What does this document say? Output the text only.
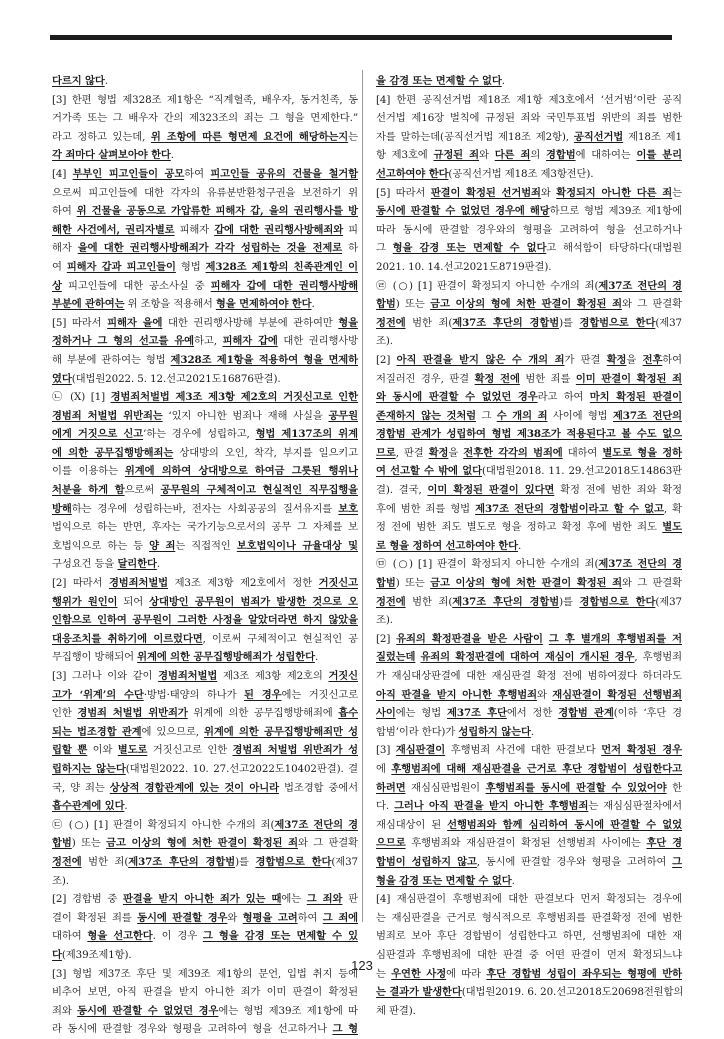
다르지 않다.
[3] 한편 형법 제328조 제1항은 “직계혈족, 배우자, 동거친족, 동
거가족 또는 그 배우자 간의 제323조의 죄는 그 형을 면제한다.”
라고 정하고 있는데, 위 조항에 따른 형면제 요건에 해당하는지는
각 죄마다 살펴보아야 한다.
[4] 부부인 피고인들이 공모하여 피고인들 공유의 건물을 철거함
으로써 피고인들에 대한 각자의 유류분반환청구권을 보전하기 위
하여 위 건물을 공동으로 가압류한 피해자 갑, 을의 권리행사를 방
해한 사건에서, 권리자별로 피해자 갑에 대한 권리행사방해죄와 피
해자 을에 대한 권리행사방해죄가 각각 성립하는 것을 전제로 하
여 피해자 갑과 피고인들이 형법 제328조 제1항의 친족관계인 이
상 피고인들에 대한 공소사실 중 피해자 갑에 대한 권리행사방해
부분에 관하여는 위 조항을 적용해서 형을 면제하여야 한다.
[5] 따라서 피해자 을에 대한 권리행사방해 부분에 관하여만 형을
정하거나 그 형의 선고를 유예하고, 피해자 갑에 대한 권리행사방
해 부분에 관하여는 형법 제328조 제1항을 적용하여 형을 면제하
였다(대법원2022. 5. 12.선고2021도16876판결).
㉡ (X) [1] 경범죄처벌법 제3조 제3항 제2호의 거짓신고로 인한
경범죄 처벌법 위반죄는 ‘있지 아니한 범죄나 재해 사실을 공무원
에게 거짓으로 신고’하는 경우에 성립하고, 형법 제137조의 위계
에 의한 공무집행방해죄는 상대방의 오인, 착각, 부지를 일으키고
이를 이용하는 위계에 의하여 상대방으로 하여금 그릇된 행위나
처분을 하게 함으로써 공무원의 구체적이고 현실적인 직무집행을
방해하는 경우에 성립하는바, 전자는 사회공공의 질서유지를 보호
법익으로 하는 반면, 후자는 국가기능으로서의 공무 그 자체를 보
호법익으로 하는 등 양 죄는 직접적인 보호법익이나 규율대상 및
구성요건 등을 달리한다.
[2] 따라서 경범죄처벌법 제3조 제3항 제2호에서 정한 거짓신고
행위가 원인이 되어 상대방인 공무원이 범죄가 발생한 것으로 오
인함으로 인하여 공무원이 그러한 사정을 알았더라면 하지 않았을
대응조치를 취하기에 이르렀다면, 이로써 구체적이고 현실적인 공
무집행이 방해되어 위계에 의한 공무집행방해죄가 성립한다.
[3] 그러나 이와 같이 경범죄처벌법 제3조 제3항 제2호의 거짓신
고가 ‘위계’의 수단·방법·태양의 하나가 된 경우에는 거짓신고로
인한 경범죄 처벌법 위반죄가 위계에 의한 공무집행방해죄에 흡수
되는 법조경합 관계에 있으므로, 위계에 의한 공무집행방해죄만 성
립할 뿐 이와 별도로 거짓신고로 인한 경범죄 처벌법 위반죄가 성
립하지는 않는다(대법원2022. 10. 27.선고2022도10402판결). 결
국, 양 죄는 상상적 경합관계에 있는 것이 아니라 법조경합 중에서
흡수관계에 있다.
㉢ (○) [1] 판결이 확정되지 아니한 수개의 죄(제37조 전단의 경
합범) 또는 금고 이상의 형에 처한 판결이 확정된 죄와 그 판결확
정전에 범한 죄(제37조 후단의 경합범)를 경합범으로 한다(제37
조).
[2] 경합범 중 판결을 받지 아니한 죄가 있는 때에는 그 죄와 판
결이 확정된 죄를 동시에 판결할 경우와 형평을 고려하여 그 죄에
대하여 형을 선고한다. 이 경우 그 형을 감경 또는 면제할 수 있
다(제39조제1항).
[3] 형법 제37조 후단 및 제39조 제1항의 문언, 입법 취지 등에
비추어 보면, 아직 판결을 받지 아니한 죄가 이미 판결이 확정된
죄와 동시에 판결할 수 없었던 경우에는 형법 제39조 제1항에 따
라 동시에 판결할 경우와 형평을 고려하여 형을 선고하거나 그 형
을 감경 또는 면제할 수 없다.
[4] 한편 공직선거법 제18조 제1항 제3호에서 ‘선거범’이란 공직
선거법 제16장 벌칙에 규정된 죄와 국민투표법 위반의 죄를 범한
자를 말하는데(공직선거법 제18조 제2항), 공직선거법 제18조 제1
항 제3호에 규정된 죄와 다른 죄의 경합범에 대하여는 이를 분리
선고하여야 한다(공직선거법 제18조 제3항전단).
[5] 따라서 판결이 확정된 선거범죄와 확정되지 아니한 다른 죄는
동시에 판결할 수 없었던 경우에 해당하므로 형법 제39조 제1항에
따라 동시에 판결할 경우와의 형평을 고려하여 형을 선고하거나
그 형을 감경 또는 면제할 수 없다고 해석함이 타당하다(대법원
2021. 10. 14.선고2021도8719판결).
㉣ (○) [1] 판결이 확정되지 아니한 수개의 죄(제37조 전단의 경
합범) 또는 금고 이상의 형에 처한 판결이 확정된 죄와 그 판결확
정전에 범한 죄(제37조 후단의 경합범)를 경합범으로 한다(제37
조).
[2] 아직 판결을 받지 않은 수 개의 죄가 판결 확정을 전후하여
저질러진 경우, 판결 확정 전에 범한 죄를 이미 판결이 확정된 죄
와 동시에 판결할 수 없었던 경우라고 하여 마치 확정된 판결이
존재하지 않는 것처럼 그 수 개의 죄 사이에 형법 제37조 전단의
경합범 관계가 성립하여 형법 제38조가 적용된다고 볼 수도 없으
므로, 판결 확정을 전후한 각각의 범죄에 대하여 별도로 형을 정하
여 선고할 수 밖에 없다(대법원2018. 11. 29.선고2018도14863판
결). 결국, 이미 확정된 판결이 있다면 확정 전에 범한 죄와 확정
후에 범한 죄를 형법 제37조 전단의 경합범이라고 할 수 없고, 확
정 전에 범한 죄도 별도로 형을 정하고 확정 후에 범한 죄도 별도
로 형을 정하여 선고하여야 한다.
㉤ (○) [1] 판결이 확정되지 아니한 수개의 죄(제37조 전단의 경
합범) 또는 금고 이상의 형에 처한 판결이 확정된 죄와 그 판결확
정전에 범한 죄(제37조 후단의 경합범)를 경합범으로 한다(제37
조).
[2] 유죄의 확정판결을 받은 사람이 그 후 별개의 후행범죄를 저
질렀는데 유죄의 확정판결에 대하여 재심이 개시된 경우, 후행범죄
가 재심대상판결에 대한 재심판결 확정 전에 범하여졌다 하더라도
아직 판결을 받지 아니한 후행범죄와 재심판결이 확정된 선행범죄
사이에는 형법 제37조 후단에서 정한 경합범 관계(이하 ‘후단 경
합범’이라 한다)가 성립하지 않는다.
[3] 재심판결이 후행범죄 사건에 대한 판결보다 먼저 확정된 경우
에 후행범죄에 대해 재심판결을 근거로 후단 경합범이 성립한다고
하려면 재심심판법원이 후행범죄를 동시에 판결할 수 있었어야 한
다. 그러나 아직 판결을 받지 아니한 후행범죄는 재심심판절차에서
재심대상이 된 선행범죄와 함께 심리하여 동시에 판결할 수 없었
으므로 후행범죄와 재심판결이 확정된 선행범죄 사이에는 후단 경
합범이 성립하지 않고, 동시에 판결할 경우와 형평을 고려하여 그
형을 감경 또는 면제할 수 없다.
[4] 재심판결이 후행범죄에 대한 판결보다 먼저 확정되는 경우에
는 재심판결을 근거로 형식적으로 후행범죄를 판결확정 전에 범한
범죄로 보아 후단 경합범이 성립한다고 하면, 선행범죄에 대한 재
심판결과 후행범죄에 대한 판결 중 어떤 판결이 먼저 확정되느냐
는 우연한 사정에 따라 후단 경합범 성립이 좌우되는 형평에 반하
는 결과가 발생한다(대법원2019. 6. 20.선고2018도20698전원합의
체 판결).
123
